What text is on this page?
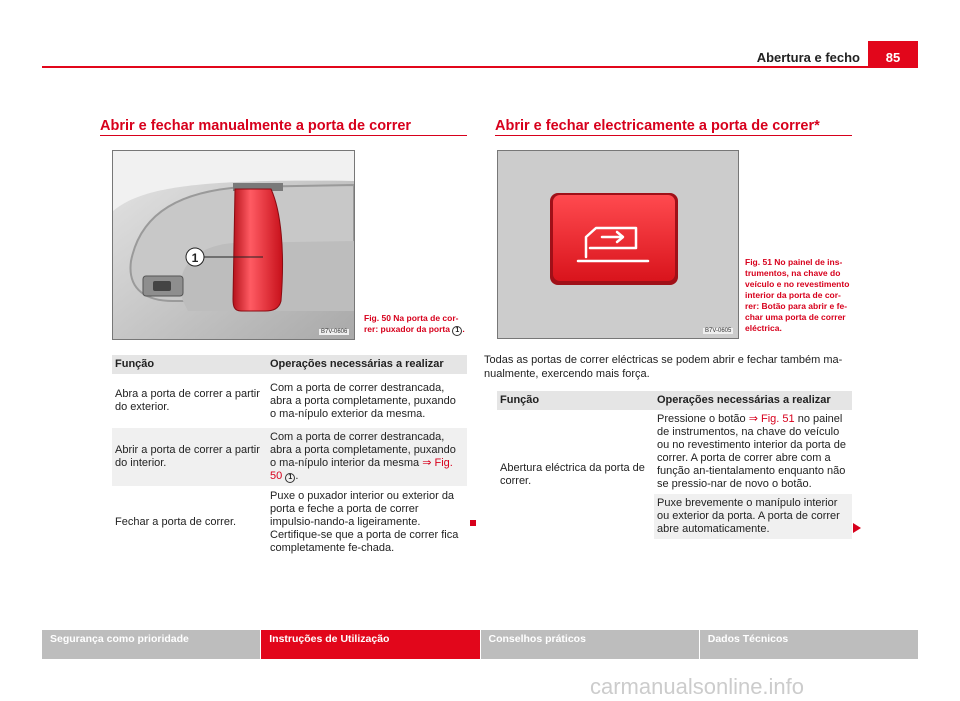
Abertura e fecho	85
Abrir e fechar manualmente a porta de correr
1
B7V-0606
Fig. 50 Na porta de cor-rer: puxador da porta 1 .
Função	Operações necessárias a realizar
Abra a porta de correr a partir do exterior.	Com a porta de correr destrancada, abra a porta completamente, puxando o ma-nípulo exterior da mesma.
Abrir a porta de correr a partir do interior.	Com a porta de correr destrancada, abra a porta completamente, puxando o ma-nípulo interior da mesma ⇒ Fig. 50 1 .
Fechar a porta de correr.	Puxe o puxador interior ou exterior da porta e feche a porta de correr impulsio-nando-a ligeiramente. Certifique-se que a porta de correr fica completamente fe-chada.
Abrir e fechar electricamente a porta de correr*
B7V-0605
Fig. 51 No painel de ins-trumentos, na chave do veículo e no revestimento interior da porta de cor-rer: Botão para abrir e fe-char uma porta de correr eléctrica.
Todas as portas de correr eléctricas se podem abrir e fechar também ma-nualmente, exercendo mais força.
Função	Operações necessárias a realizar
Abertura eléctrica da porta de correr.	Pressione o botão ⇒ Fig. 51 no painel de instrumentos, na chave do veículo ou no revestimento interior da porta de correr. A porta de correr abre com a função an-tientalamento enquanto não se pressio-nar de novo o botão.
	Puxe brevemente o manípulo interior ou exterior da porta. A porta de correr abre automaticamente.
Segurança como prioridade	Instruções de Utilização	Conselhos práticos	Dados Técnicos
carmanualsonline.info
